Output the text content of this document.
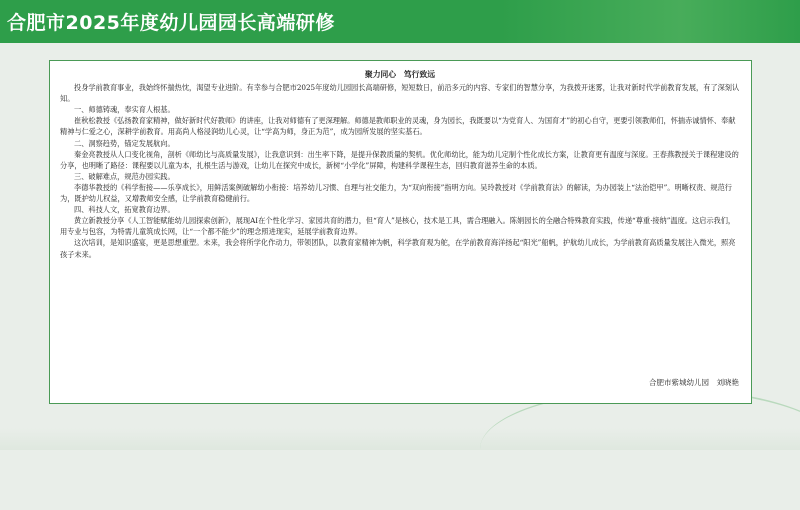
合肥市2025年度幼儿园园长高端研修
聚力同心　笃行致远

投身学前教育事业，我始终怀揣热忱，渴望专业进阶。有幸参与合肥市2025年度幼儿园园长高端研修，短短数日，前沿多元的内容、专家们的智慧分享，为我拨开迷雾，让我对新时代学前教育发展，有了深刻认知。

一、师德铸魂，奉实育人根基。

崔秋松教授《弘扬教育家精神，做好新时代好教师》的讲座，让我对师德有了更深理解。师德是教师职业的灵魂，身为园长，我既要以“为党育人、为国育才”的初心自守，更要引领教师们，怀揣赤诚情怀、奉献精神与仁爱之心，深耕学前教育。用高尚人格浸润幼儿心灵，让“学高为师，身正为范”，成为园所发展的坚实基石。

二、洞察趋势，锚定发展航向。

秦金亮教授从人口变化视角，剖析《师幼比与高质量发展》，让我意识到：出生率下降，是提升保教质量的契机。优化师幼比，能为幼儿定制个性化成长方案，让教育更有温度与深度。王春燕教授关于课程建设的分享，也明晰了路径：课程要以儿童为本，扎根生活与游戏，让幼儿在探究中成长，新树“小学化”屏障，构建科学课程生态，回归教育滋养生命的本质。

三、破解难点，规范办园实践。

李德华教授的《科学衔接——乐享成长》，用鲜活案例破解幼小衔接：培养幼儿习惯、自理与社交能力，为“双向衔接”指明方向。吴玲教授对《学前教育法》的解读，为办园装上“法治铠甲”。明晰权责、规范行为，既护幼儿权益，又增教师安全感，让学前教育稳健前行。

四、科技人文，拓宽教育边界。

黄立新教授分享《人工智能赋能幼儿园探索创新》，展现AI在个性化学习、家园共育的潜力，但“育人”是核心，技术是工具，需合理融入。陈娟园长的全融合特殊教育实践，传递“尊重·接纳”温度。这启示我们，用专业与包容，为特需儿童筑成长网，让“一个都不能少”的理念照进现实，延展学前教育边界。

这次培训，是知识盛宴，更是思想重塑。未来，我会将所学化作动力，带领团队，以教育家精神为帆，科学教育观为舵，在学前教育海洋扬起“阳光”船帆，护航幼儿成长，为学前教育高质量发展注入微光，照亮孩子未来。

合肥市紫城幼儿园　刘晓艳
